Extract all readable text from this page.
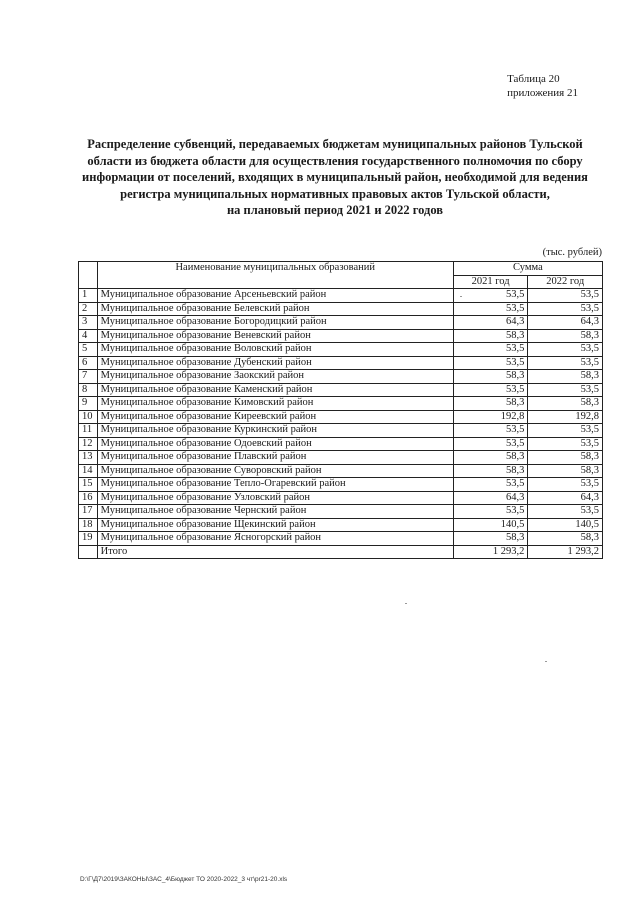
Таблица 20
приложения 21
Распределение субвенций, передаваемых бюджетам муниципальных районов Тульской
области из бюджета области для осуществления государственного полномочия по сбору
информации от поселений, входящих в муниципальный район, необходимой для ведения
регистра муниципальных нормативных правовых актов Тульской области,
на плановый период 2021 и 2022 годов
(тыс. рублей)
	Наименование муниципальных образований	Сумма	
		2021 год	2022 год
1	Муниципальное образование Арсеньевский район	53,5	53,5
2	Муниципальное образование Белевский район	53,5	53,5
3	Муниципальное образование Богородицкий район	64,3	64,3
4	Муниципальное образование Веневский район	58,3	58,3
5	Муниципальное образование Воловский район	53,5	53,5
6	Муниципальное образование Дубенский район	53,5	53,5
7	Муниципальное образование Заокский район	58,3	58,3
8	Муниципальное образование Каменский район	53,5	53,5
9	Муниципальное образование Кимовский район	58,3	58,3
10	Муниципальное образование Киреевский район	192,8	192,8
11	Муниципальное образование Куркинский район	53,5	53,5
12	Муниципальное образование Одоевский район	53,5	53,5
13	Муниципальное образование Плавский район	58,3	58,3
14	Муниципальное образование Суворовский район	58,3	58,3
15	Муниципальное образование Тепло-Огаревский район	53,5	53,5
16	Муниципальное образование Узловский район	64,3	64,3
17	Муниципальное образование Чернский район	53,5	53,5
18	Муниципальное образование Щекинский район	140,5	140,5
19	Муниципальное образование Ясногорский район	58,3	58,3
	Итого	1 293,2	1 293,2
D:\Г\Д7\2019\ЗАКОНЫ\ЗАС_4\Бюджет ТО 2020-2022_3 чт\pr21-20.xls
